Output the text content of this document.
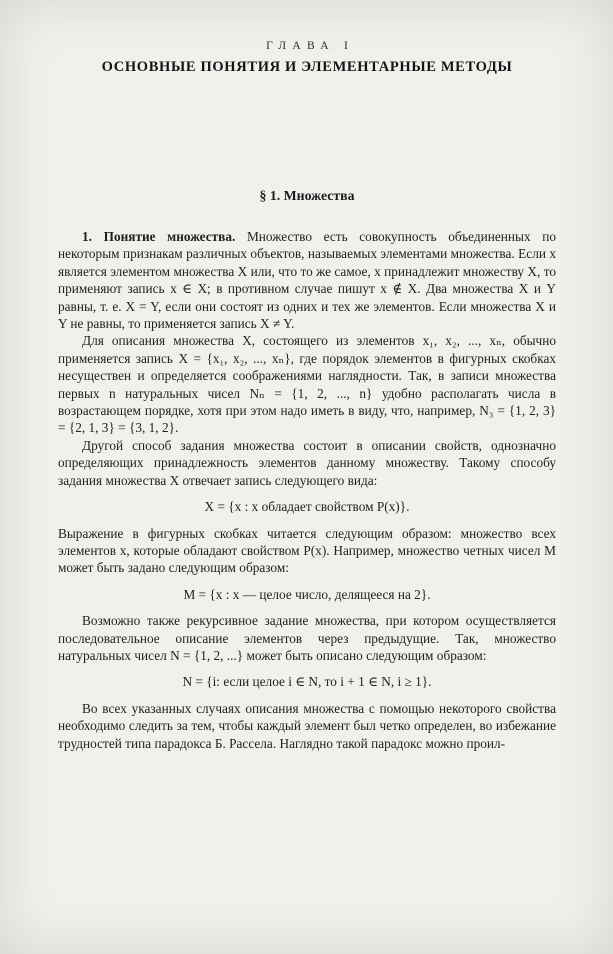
ГЛАВА I
ОСНОВНЫЕ ПОНЯТИЯ И ЭЛЕМЕНТАРНЫЕ МЕТОДЫ
§ 1. Множества

1. Понятие множества. Множество есть совокупность объединенных по некоторым признакам различных объектов, называемых элементами множества. Если x является элементом множества X или, что то же самое, x принадлежит множеству X, то применяют запись x ∈ X; в противном случае пишут x ∉ X. Два множества X и Y равны, т. е. X = Y, если они состоят из одних и тех же элементов. Если множества X и Y не равны, то применяется запись X ≠ Y.

Для описания множества X, состоящего из элементов x₁, x₂, ..., xₙ, обычно применяется запись X = {x₁, x₂, ..., xₙ}, где порядок элементов в фигурных скобках несуществен и определяется соображениями наглядности. Так, в записи множества первых n натуральных чисел Nₙ = {1, 2, ..., n} удобно располагать числа в возрастающем порядке, хотя при этом надо иметь в виду, что, например, N₃ = {1, 2, 3} = {2, 1, 3} = {3, 1, 2}.

Другой способ задания множества состоит в описании свойств, однозначно определяющих принадлежность элементов данному множеству. Такому способу задания множества X отвечает запись следующего вида:

X = {x : x обладает свойством P(x)}.

Выражение в фигурных скобках читается следующим образом: множество всех элементов x, которые обладают свойством P(x). Например, множество четных чисел M может быть задано следующим образом:

M = {x : x — целое число, делящееся на 2}.

Возможно также рекурсивное задание множества, при котором осуществляется последовательное описание элементов через предыдущие. Так, множество натуральных чисел N = {1, 2, ...} может быть описано следующим образом:

N = {i: если целое i ∈ N, то i + 1 ∈ N, i ≥ 1}.

Во всех указанных случаях описания множества с помощью некоторого свойства необходимо следить за тем, чтобы каждый элемент был четко определен, во избежание трудностей типа парадокса Б. Рассела. Наглядно такой парадокс можно проил-
